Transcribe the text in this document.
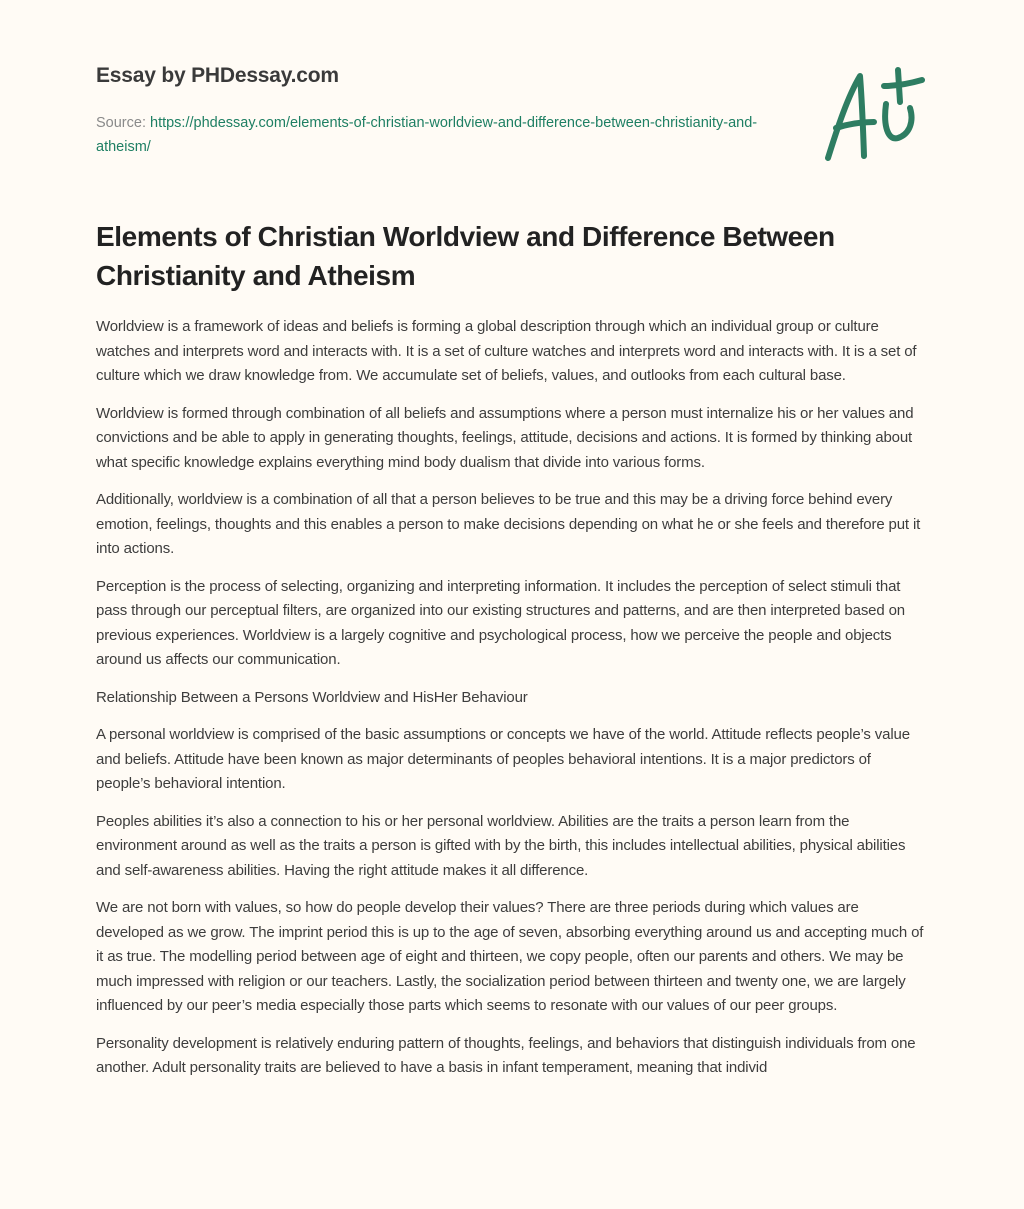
Essay by PHDessay.com
Source: https://phdessay.com/elements-of-christian-worldview-and-difference-between-christianity-and-atheism/
Elements of Christian Worldview and Difference Between Christianity and Atheism

Worldview is a framework of ideas and beliefs is forming a global description through which an individual group or culture watches and interprets word and interacts with. It is a set of culture watches and interprets word and interacts with. It is a set of culture which we draw knowledge from. We accumulate set of beliefs, values, and outlooks from each cultural base.

Worldview is formed through combination of all beliefs and assumptions where a person must internalize his or her values and convictions and be able to apply in generating thoughts, feelings, attitude, decisions and actions. It is formed by thinking about what specific knowledge explains everything mind body dualism that divide into various forms.

Additionally, worldview is a combination of all that a person believes to be true and this may be a driving force behind every emotion, feelings, thoughts and this enables a person to make decisions depending on what he or she feels and therefore put it into actions.

Perception is the process of selecting, organizing and interpreting information. It includes the perception of select stimuli that pass through our perceptual filters, are organized into our existing structures and patterns, and are then interpreted based on previous experiences. Worldview is a largely cognitive and psychological process, how we perceive the people and objects around us affects our communication.

Relationship Between a Persons Worldview and HisHer Behaviour

A personal worldview is comprised of the basic assumptions or concepts we have of the world. Attitude reflects people’s value and beliefs. Attitude have been known as major determinants of peoples behavioral intentions. It is a major predictors of people’s behavioral intention.

Peoples abilities it’s also a connection to his or her personal worldview. Abilities are the traits a person learn from the environment around as well as the traits a person is gifted with by the birth, this includes intellectual abilities, physical abilities and self-awareness abilities. Having the right attitude makes it all difference.

We are not born with values, so how do people develop their values? There are three periods during which values are developed as we grow. The imprint period this is up to the age of seven, absorbing everything around us and accepting much of it as true. The modelling period between age of eight and thirteen, we copy people, often our parents and others. We may be much impressed with religion or our teachers. Lastly, the socialization period between thirteen and twenty one, we are largely influenced by our peer’s media especially those parts which seems to resonate with our values of our peer groups.

Personality development is relatively enduring pattern of thoughts, feelings, and behaviors that distinguish individuals from one another. Adult personality traits are believed to have a basis in infant temperament, meaning that individ
